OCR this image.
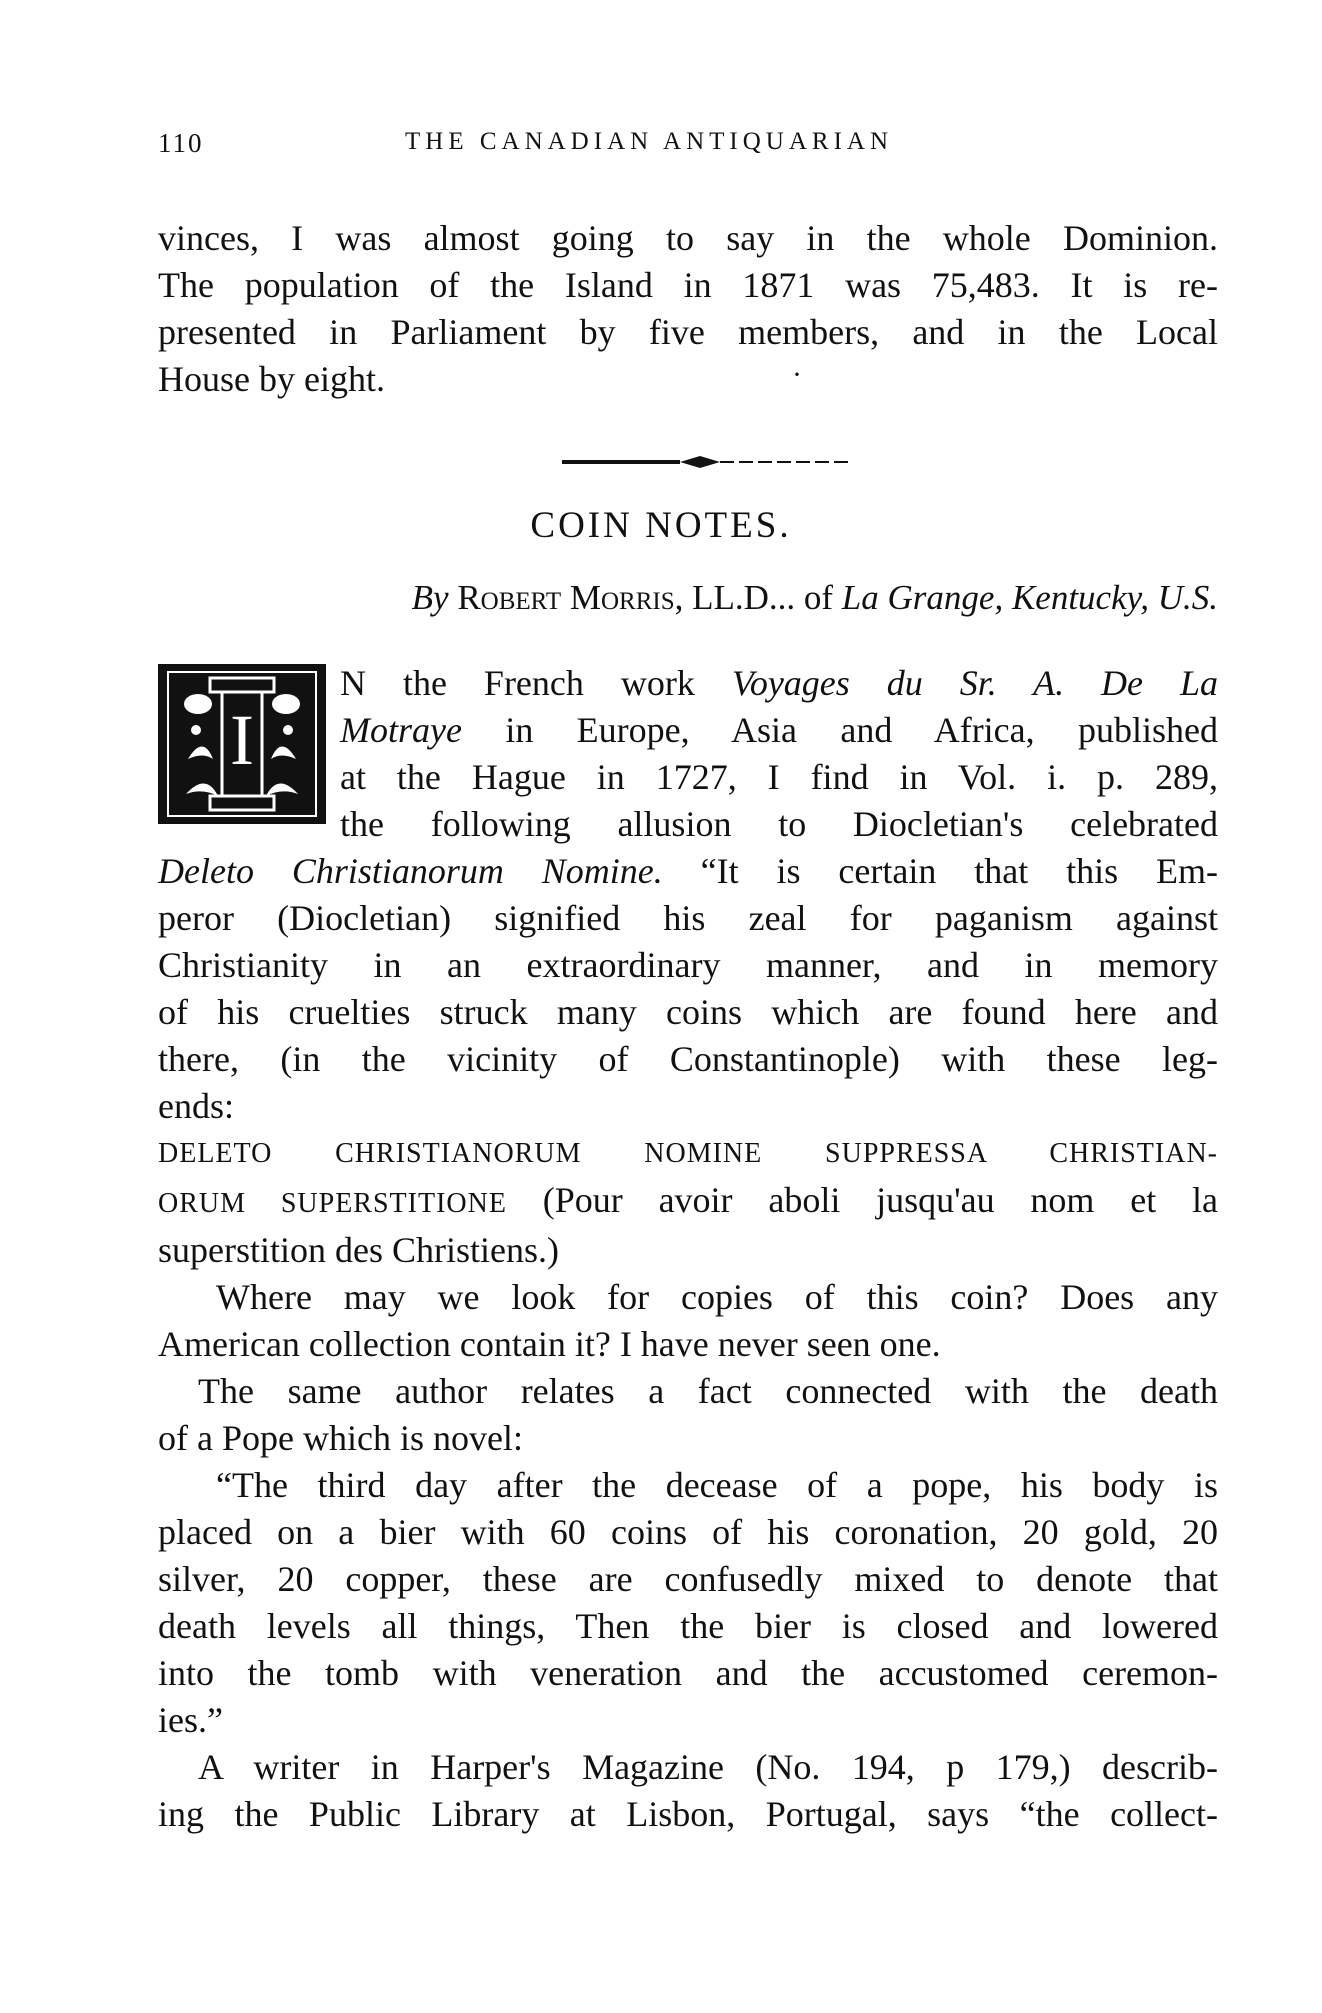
110	THE CANADIAN ANTIQUARIAN
vinces, I was almost going to say in the whole Dominion.
The population of the Island in 1871 was 75,483. It is re-
presented in Parliament by five members, and in the Local
House by eight.	·
COIN NOTES.
By Robert Morris, LL.D... of La Grange, Kentucky, U.S.
I
N the French work Voyages du Sr. A. De La
Motraye in Europe, Asia and Africa, published
at the Hague in 1727, I find in Vol. i. p. 289,
the following allusion to Diocletian's celebrated
Deleto Christianorum Nomine. “It is certain that this Em-
peror (Diocletian) signified his zeal for paganism against
Christianity in an extraordinary manner, and in memory
of his cruelties struck many coins which are found here and
there, (in the vicinity of Constantinople) with these leg-
ends:
DELETO CHRISTIANORUM NOMINE SUPPRESSA CHRISTIAN-
ORUM SUPERSTITIONE (Pour avoir aboli jusqu'au nom et la
superstition des Christiens.)
Where may we look for copies of this coin? Does any
American collection contain it? I have never seen one.
The same author relates a fact connected with the death
of a Pope which is novel:
“The third day after the decease of a pope, his body is
placed on a bier with 60 coins of his coronation, 20 gold, 20
silver, 20 copper, these are confusedly mixed to denote that
death levels all things, Then the bier is closed and lowered
into the tomb with veneration and the accustomed ceremon-
ies.”
A writer in Harper's Magazine (No. 194, p 179,) describ-
ing the Public Library at Lisbon, Portugal, says “the collect-
